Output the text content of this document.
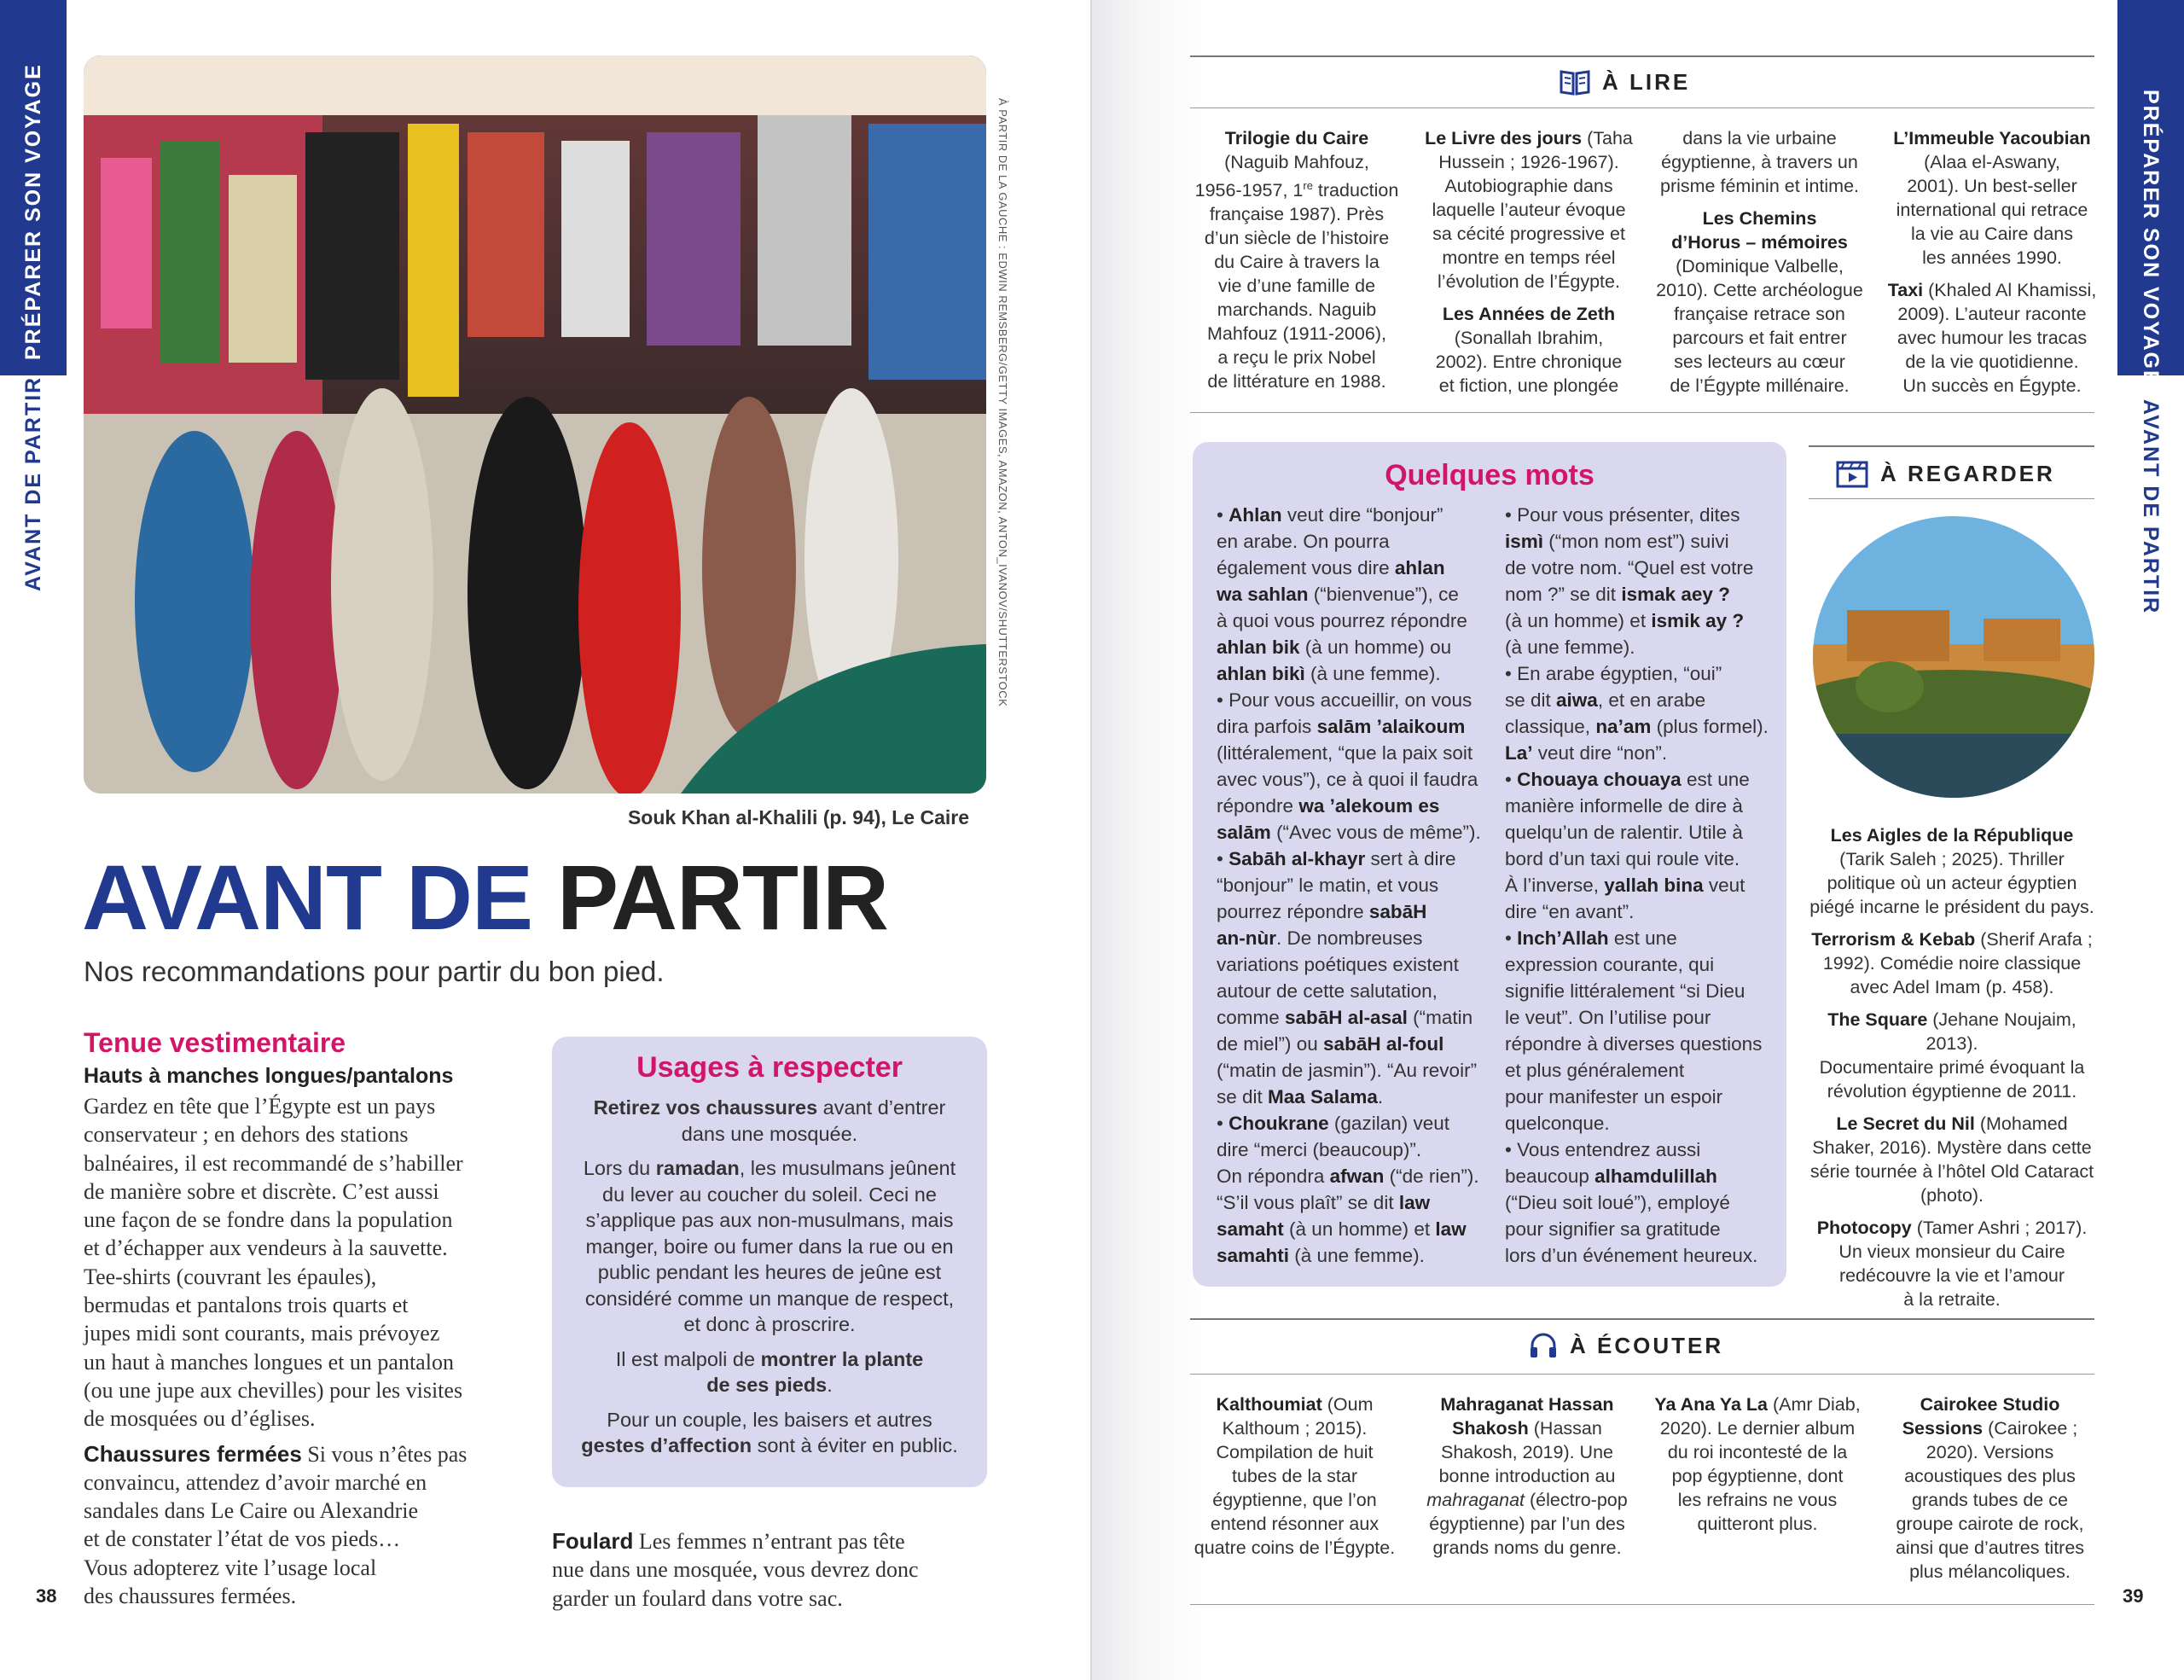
PRÉPARER SON VOYAGE
AVANT DE PARTIR	À PARTIR DE LA GAUCHE : EDWIN REMSBERG/GETTY IMAGES, AMAZON, ANTON_IVANOV/SHUTTERSTOCK
Souk Khan al-Khalili (p. 94), Le Caire
AVANT DE PARTIR
Nos recommandations pour partir du bon pied.
Tenue vestimentaire
Hauts à manches longues/pantalons
Gardez en tête que l’Égypte est un pays
conservateur ; en dehors des stations
balnéaires, il est recommandé de s’habiller
de manière sobre et discrète. C’est aussi
une façon de se fondre dans la population
et d’échapper aux vendeurs à la sauvette.
Tee-shirts (couvrant les épaules),
bermudas et pantalons trois quarts et
jupes midi sont courants, mais prévoyez
un haut à manches longues et un pantalon
(ou une jupe aux chevilles) pour les visites
de mosquées ou d’églises.
Chaussures fermées Si vous n’êtes pas
convaincu, attendez d’avoir marché en
sandales dans Le Caire ou Alexandrie
et de constater l’état de vos pieds…
Vous adopterez vite l’usage local
des chaussures fermées.
Usages à respecter
Retirez vos chaussures avant d’entrer
dans une mosquée.
Lors du ramadan, les musulmans jeûnent
du lever au coucher du soleil. Ceci ne
s’applique pas aux non-musulmans, mais
manger, boire ou fumer dans la rue ou en
public pendant les heures de jeûne est
considéré comme un manque de respect,
et donc à proscrire.
Il est malpoli de montrer la plante
de ses pieds.
Pour un couple, les baisers et autres
gestes d’affection sont à éviter en public.
Foulard Les femmes n’entrant pas tête
nue dans une mosquée, vous devrez donc
garder un foulard dans votre sac.
38
PRÉPARER SON VOYAGE
AVANT DE PARTIR
À LIRE

Trilogie du Caire
(Naguib Mahfouz,
1956-1957, 1re traduction
française 1987). Près
d’un siècle de l’histoire
du Caire à travers la
vie d’une famille de
marchands. Naguib
Mahfouz (1911-2006),
a reçu le prix Nobel
de littérature en 1988.

Le Livre des jours (Taha
Hussein ; 1926-1967).
Autobiographie dans
laquelle l’auteur évoque
sa cécité progressive et
montre en temps réel
l’évolution de l’Égypte.

Les Années de Zeth
(Sonallah Ibrahim,
2002). Entre chronique
et fiction, une plongée

dans la vie urbaine
égyptienne, à travers un
prisme féminin et intime.

Les Chemins
d’Horus – mémoires
(Dominique Valbelle,
2010). Cette archéologue
française retrace son
parcours et fait entrer
ses lecteurs au cœur
de l’Égypte millénaire.

L’Immeuble Yacoubian
(Alaa el-Aswany,
2001). Un best-seller
international qui retrace
la vie au Caire dans
les années 1990.

Taxi (Khaled Al Khamissi,
2009). L’auteur raconte
avec humour les tracas
de la vie quotidienne.
Un succès en Égypte.

Quelques mots
• Ahlan veut dire “bonjour”
en arabe. On pourra
également vous dire ahlan
wa sahlan (“bienvenue”), ce
à quoi vous pourrez répondre
ahlan bik (à un homme) ou
ahlan bikì (à une femme).
• Pour vous accueillir, on vous
dira parfois salām ’alaikoum
(littéralement, “que la paix soit
avec vous”), ce à quoi il faudra
répondre wa ’alekoum es
salām (“Avec vous de même”).
• Sabāh al-khayr sert à dire
“bonjour” le matin, et vous
pourrez répondre sabāH
an-nùr. De nombreuses
variations poétiques existent
autour de cette salutation,
comme sabāH al-asal (“matin
de miel”) ou sabāH al-foul
(“matin de jasmin”). “Au revoir”
se dit Maa Salama.
• Choukrane (gazilan) veut
dire “merci (beaucoup)”.
On répondra afwan (“de rien”).
“S’il vous plaît” se dit law
samaht (à un homme) et law
samahti (à une femme).
• Pour vous présenter, dites
ismì (“mon nom est”) suivi
de votre nom. “Quel est votre
nom ?” se dit ismak aey ?
(à un homme) et ismik ay ?
(à une femme).
• En arabe égyptien, “oui”
se dit aiwa, et en arabe
classique, na’am (plus formel).
La’ veut dire “non”.
• Chouaya chouaya est une
manière informelle de dire à
quelqu’un de ralentir. Utile à
bord d’un taxi qui roule vite.
À l’inverse, yallah bina veut
dire “en avant”.
• Inch’Allah est une
expression courante, qui
signifie littéralement “si Dieu
le veut”. On l’utilise pour
répondre à diverses questions
et plus généralement
pour manifester un espoir
quelconque.
• Vous entendrez aussi
beaucoup alhamdulillah
(“Dieu soit loué”), employé
pour signifier sa gratitude
lors d’un événement heureux.
À REGARDER

Les Aigles de la République
(Tarik Saleh ; 2025). Thriller
politique où un acteur égyptien
piégé incarne le président du pays.

Terrorism & Kebab (Sherif Arafa ;
1992). Comédie noire classique
avec Adel Imam (p. 458).

The Square (Jehane Noujaim, 2013).
Documentaire primé évoquant la
révolution égyptienne de 2011.

Le Secret du Nil (Mohamed
Shaker, 2016). Mystère dans cette
série tournée à l’hôtel Old Cataract
(photo).

Photocopy (Tamer Ashri ; 2017).
Un vieux monsieur du Caire
redécouvre la vie et l’amour
à la retraite.

À ÉCOUTER

Kalthoumiat (Oum
Kalthoum ; 2015).
Compilation de huit
tubes de la star
égyptienne, que l’on
entend résonner aux
quatre coins de l’Égypte.

Mahraganat Hassan
Shakosh (Hassan
Shakosh, 2019). Une
bonne introduction au
mahraganat (électro-pop
égyptienne) par l’un des
grands noms du genre.

Ya Ana Ya La (Amr Diab,
2020). Le dernier album
du roi incontesté de la
pop égyptienne, dont
les refrains ne vous
quitteront plus.

Cairokee Studio
Sessions (Cairokee ;
2020). Versions
acoustiques des plus
grands tubes de ce
groupe cairote de rock,
ainsi que d’autres titres
plus mélancoliques.

39
